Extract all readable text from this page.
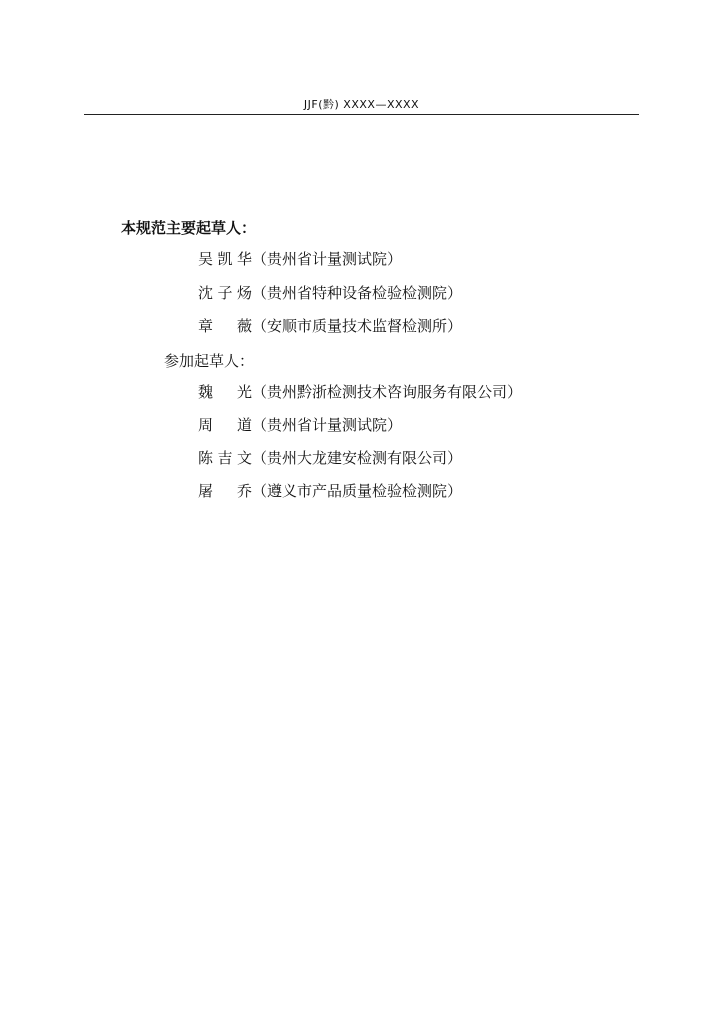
JJF(黔) XXXX—XXXX
本规范主要起草人：
吴凯华（贵州省计量测试院）
沈子炀（贵州省特种设备检验检测院）
章　薇（安顺市质量技术监督检测所）
参加起草人：
魏　光（贵州黔浙检测技术咨询服务有限公司）
周　道（贵州省计量测试院）
陈吉文（贵州大龙建安检测有限公司）
屠　乔（遵义市产品质量检验检测院）
